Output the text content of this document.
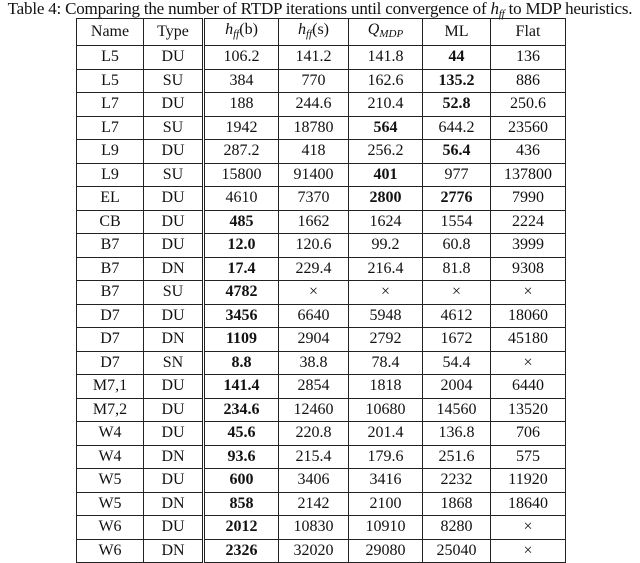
Table 4: Comparing the number of RTDP iterations until convergence of $h_{ff}$ to MDP heuristics.
Name	Type	$h_{ff}(b)$	$h_{ff}(s)$	$Q_{MDP}$	ML	Flat
L5	DU	106.2	141.2	141.8	44	136
L5	SU	384	770	162.6	135.2	886
L7	DU	188	244.6	210.4	52.8	250.6
L7	SU	1942	18780	564	644.2	23560
L9	DU	287.2	418	256.2	56.4	436
L9	SU	15800	91400	401	977	137800
EL	DU	4610	7370	2800	2776	7990
CB	DU	485	1662	1624	1554	2224
B7	DU	12.0	120.6	99.2	60.8	3999
B7	DN	17.4	229.4	216.4	81.8	9308
B7	SU	4782	×	×	×	×
D7	DU	3456	6640	5948	4612	18060
D7	DN	1109	2904	2792	1672	45180
D7	SN	8.8	38.8	78.4	54.4	×
M7,1	DU	141.4	2854	1818	2004	6440
M7,2	DU	234.6	12460	10680	14560	13520
W4	DU	45.6	220.8	201.4	136.8	706
W4	DN	93.6	215.4	179.6	251.6	575
W5	DU	600	3406	3416	2232	11920
W5	DN	858	2142	2100	1868	18640
W6	DU	2012	10830	10910	8280	×
W6	DN	2326	32020	29080	25040	×
